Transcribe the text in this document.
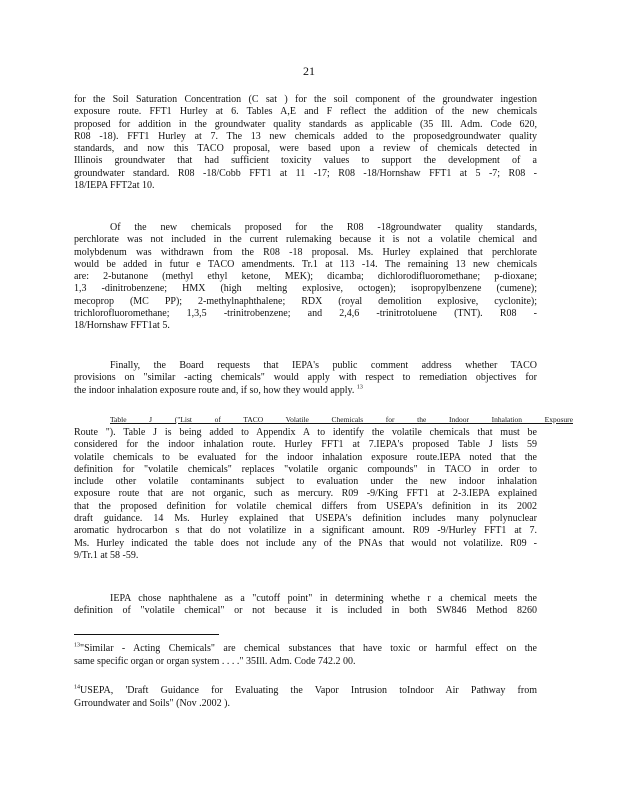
21
for the Soil Saturation Concentration (C sat ) for the soil component of the groundwater ingestion
exposure route. FFT1 Hurley at 6. Tables A,E and F reflect the addition of the new chemicals
proposed for addition in the groundwater quality standards as applicable (35 Ill. Adm. Code 620,
R08 -18). FFT1 Hurley at 7. The 13 new chemicals added to the proposedgroundwater quality
standards, and now this TACO proposal, were based upon a review of chemicals detected in
Illinois groundwater that had sufficient toxicity values to support the development of a
groundwater standard. R08 -18/Cobb FFT1 at 11 -17; R08 -18/Hornshaw FFT1 at 5 -7; R08 -
18/IEPA FFT2at 10.
Of the new chemicals proposed for the R08 -18groundwater quality standards,
perchlorate was not included in the current rulemaking because it is not a volatile chemical and
molybdenum was withdrawn from the R08 -18 proposal. Ms. Hurley explained that perchlorate
would be added in futur e TACO amendments. Tr.1 at 113 -14. The remaining 13 new chemicals
are: 2-butanone (methyl ethyl ketone, MEK); dicamba; dichlorodifluoromethane; p-dioxane;
1,3 -dinitrobenzene; HMX (high melting explosive, octogen); isopropylbenzene (cumene);
mecoprop (MC PP); 2-methylnaphthalene; RDX (royal demolition explosive, cyclonite);
trichlorofluoromethane; 1,3,5 -trinitrobenzene; and 2,4,6 -trinitrotoluene (TNT). R08 -
18/Hornshaw FFT1at 5.
Finally, the Board requests that IEPA's public comment address whether TACO
provisions on "similar -acting chemicals" would apply with respect to remediation objectives for
the indoor inhalation exposure route and, if so, how they would apply. $^{13}$
Table J ("List of TACO Volatile Chemicals for the Indoor Inhalation Exposure
Route "). Table J is being added to Appendix A to identify the volatile chemicals that must be
considered for the indoor inhalation route. Hurley FFT1 at 7.IEPA's proposed Table J lists 59
volatile chemicals to be evaluated for the indoor inhalation exposure route.IEPA noted that the
definition for "volatile chemicals" replaces "volatile organic compounds" in TACO in order to
include other volatile contaminants subject to evaluation under the new indoor inhalation
exposure route that are not organic, such as mercury. R09 -9/King FFT1 at 2-3.IEPA explained
that the proposed definition for volatile chemical differs from USEPA's definition in its 2002
draft guidance. 14 Ms. Hurley explained that USEPA's definition includes many polynuclear
aromatic hydrocarbon s that do not volatilize in a significant amount. R09 -9/Hurley FFT1 at 7.
Ms. Hurley indicated the table does not include any of the PNAs that would not volatilize. R09 -
9/Tr.1 at 58 -59.
IEPA chose naphthalene as a "cutoff point" in determining whethe r a chemical meets the
definition of "volatile chemical" or not because it is included in both SW846 Method 8260
$^{13}$"Similar - Acting Chemicals" are chemical substances that have toxic or harmful effect on the
same specific organ or organ system . . . ." 35Ill. Adm. Code 742.2 00.
$^{14}$USEPA, 'Draft Guidance for Evaluating the Vapor Intrusion toIndoor Air Pathway from
Grroundwater and Soils" (Nov .2002 ).
